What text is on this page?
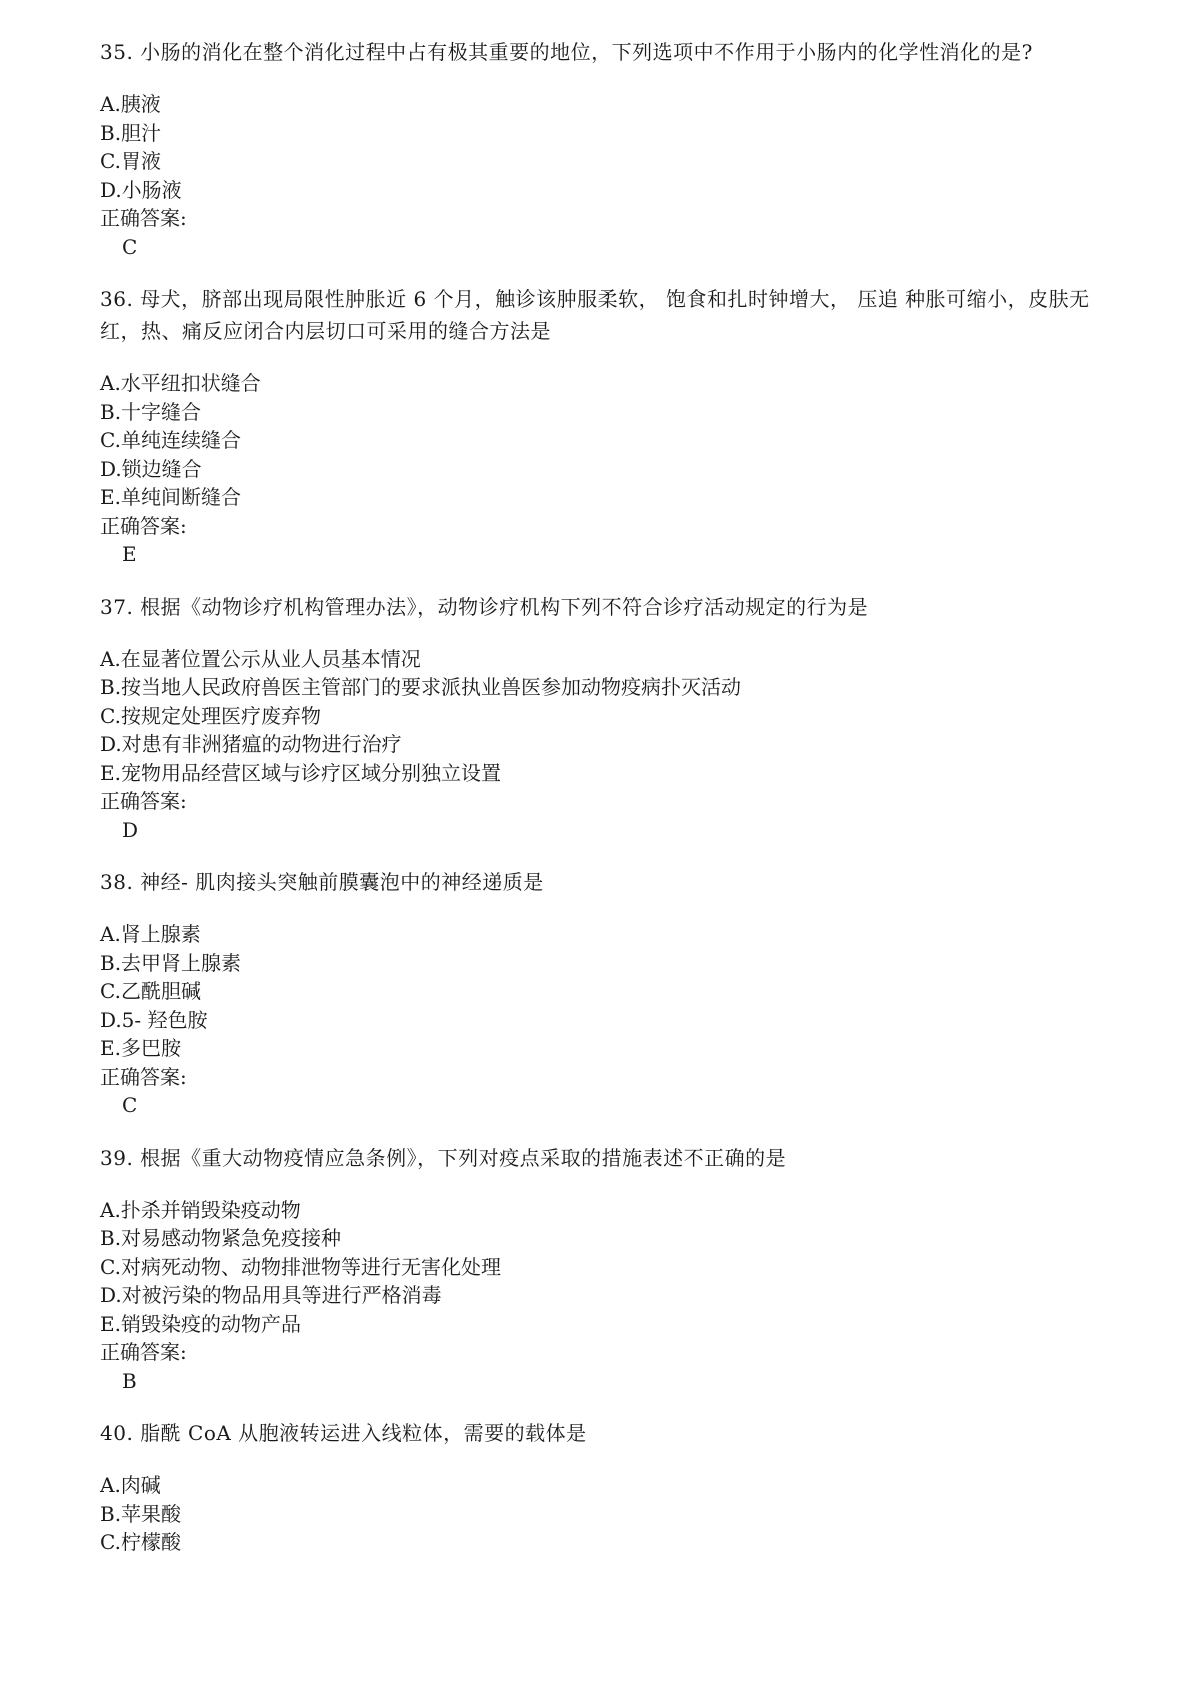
35. 小肠的消化在整个消化过程中占有极其重要的地位，下列选项中不作用于小肠内的化学性消化的是?

A.胰液

B.胆汁

C.胃液

D.小肠液

正确答案:

C

36. 母犬，脐部出现局限性肿胀近 6 个月，触诊该肿服柔软， 饱食和扎时钟增大， 压追 种胀可缩小，皮肤无红，热、痛反应闭合内层切口可采用的缝合方法是

A.水平纽扣状缝合

B.十字缝合

C.单纯连续缝合

D.锁边缝合

E.单纯间断缝合

正确答案:

E

37. 根据《动物诊疗机构管理办法》，动物诊疗机构下列不符合诊疗活动规定的行为是

A.在显著位置公示从业人员基本情况

B.按当地人民政府兽医主管部门的要求派执业兽医参加动物疫病扑灭活动

C.按规定处理医疗废弃物

D.对患有非洲猪瘟的动物进行治疗

E.宠物用品经营区域与诊疗区域分别独立设置

正确答案:

D

38. 神经- 肌肉接头突触前膜囊泡中的神经递质是

A.肾上腺素

B.去甲肾上腺素

C.乙酰胆碱

D.5- 羟色胺

E.多巴胺

正确答案:

C

39. 根据《重大动物疫情应急条例》，下列对疫点采取的措施表述不正确的是

A.扑杀并销毁染疫动物

B.对易感动物紧急免疫接种

C.对病死动物、动物排泄物等进行无害化处理

D.对被污染的物品用具等进行严格消毒

E.销毁染疫的动物产品

正确答案:

B

40. 脂酰 CoA 从胞液转运进入线粒体，需要的载体是

A.肉碱

B.苹果酸

C.柠檬酸
